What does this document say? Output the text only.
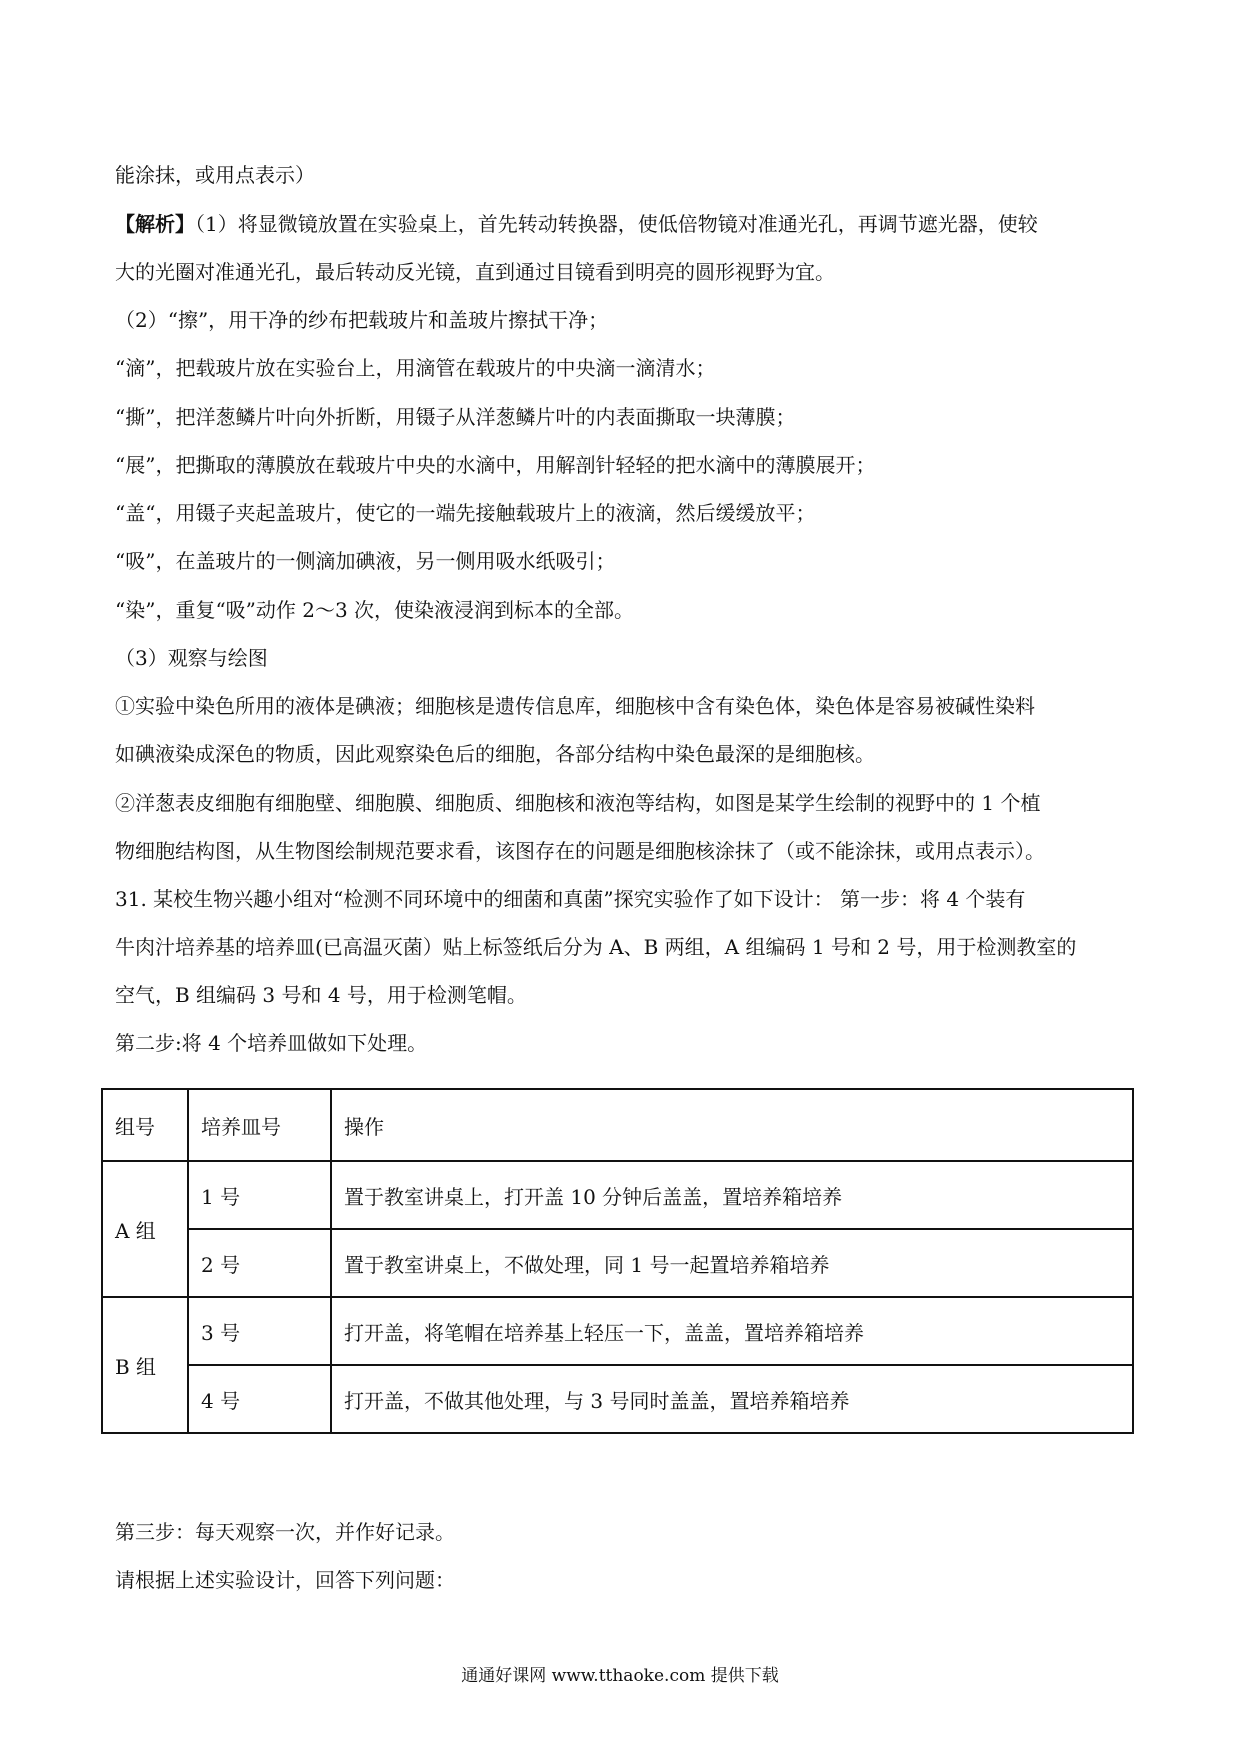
能涂抹，或用点表示）
【解析】（1）将显微镜放置在实验桌上，首先转动转换器，使低倍物镜对准通光孔，再调节遮光器，使较
大的光圈对准通光孔，最后转动反光镜，直到通过目镜看到明亮的圆形视野为宜。
（2）“擦”，用干净的纱布把载玻片和盖玻片擦拭干净；
“滴”，把载玻片放在实验台上，用滴管在载玻片的中央滴一滴清水；
“撕”，把洋葱鳞片叶向外折断，用镊子从洋葱鳞片叶的内表面撕取一块薄膜；
“展”，把撕取的薄膜放在载玻片中央的水滴中，用解剖针轻轻的把水滴中的薄膜展开；
“盖“，用镊子夹起盖玻片，使它的一端先接触载玻片上的液滴，然后缓缓放平；
“吸”，在盖玻片的一侧滴加碘液，另一侧用吸水纸吸引；
“染”，重复“吸”动作 2～3 次，使染液浸润到标本的全部。
（3）观察与绘图
①实验中染色所用的液体是碘液；细胞核是遗传信息库，细胞核中含有染色体，染色体是容易被碱性染料
如碘液染成深色的物质，因此观察染色后的细胞，各部分结构中染色最深的是细胞核。
②洋葱表皮细胞有细胞壁、细胞膜、细胞质、细胞核和液泡等结构，如图是某学生绘制的视野中的 1 个植
物细胞结构图，从生物图绘制规范要求看，该图存在的问题是细胞核涂抹了（或不能涂抹，或用点表示）。
31. 某校生物兴趣小组对“检测不同环境中的细菌和真菌”探究实验作了如下设计： 第一步：将 4 个装有
牛肉汁培养基的培养皿(已高温灭菌）贴上标签纸后分为 A、B 两组，A 组编码 1 号和 2 号，用于检测教室的
空气，B 组编码 3 号和 4 号，用于检测笔帽。
第二步:将 4 个培养皿做如下处理。
组号	培养皿号	操作
A 组	1 号	置于教室讲桌上，打开盖 10 分钟后盖盖，置培养箱培养
	2 号	置于教室讲桌上，不做处理，同 1 号一起置培养箱培养
B 组	3 号	打开盖，将笔帽在培养基上轻压一下，盖盖，置培养箱培养
	4 号	打开盖，不做其他处理，与 3 号同时盖盖，置培养箱培养
第三步：每天观察一次，并作好记录。
请根据上述实验设计，回答下列问题：
通通好课网 www.tthaoke.com 提供下载
